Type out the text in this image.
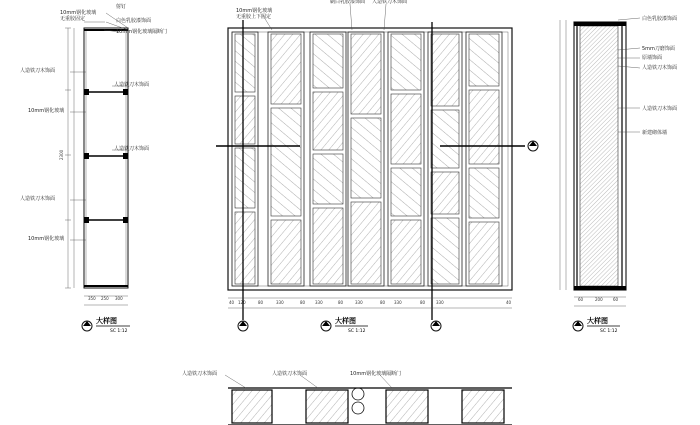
2300
10mm钢化玻璃
无重胶固定
射钉
白色乳胶漆饰面
10mm钢化玻璃隔断门
人造铁刀木饰面
10mm钢化玻璃
人造铁刀木饰面
人造铁刀木饰面
人造铁刀木饰面
10mm钢化玻璃
350 250 300
大样图
SC 1:12
10mm钢化玻璃
无重胶上下固定
刷白乳胶漆饰面 人造铁刀木饰面
40 120	80	330	80 330	80	330	80 330	80	330	40
大样图
SC 1:12
白色乳胶漆饰面
5mm刀磨饰面
原墙饰面
人造铁刀木饰面
人造铁刀木饰面
新建砌体墙
60	200	60
大样图
SC 1:12
人造铁刀木饰面	人造铁刀木饰面	10mm钢化玻璃隔断门
